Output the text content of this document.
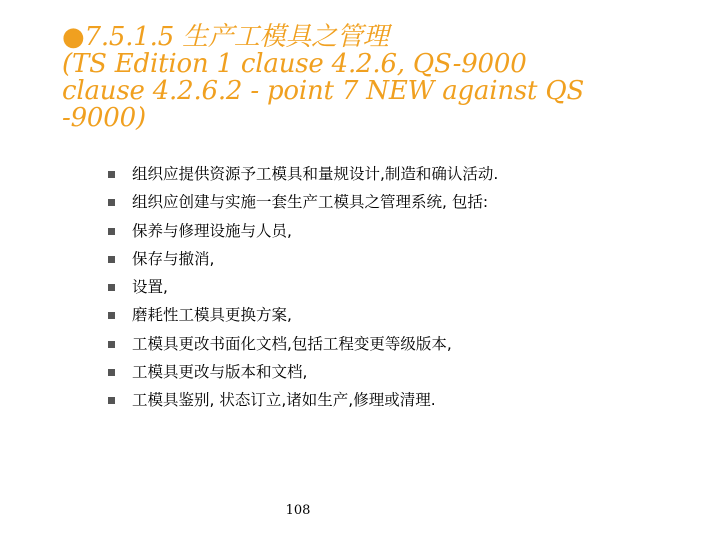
●7.5.1.5 生产工模具之管理
(TS Edition 1 clause 4.2.6, QS-9000
clause 4.2.6.2 - point 7 NEW against QS
-9000)
组织应提供资源予工模具和量规设计,制造和确认活动.
组织应创建与实施一套生产工模具之管理系统, 包括:
保养与修理设施与人员,
保存与撤消,
设置,
磨耗性工模具更换方案,
工模具更改书面化文档,包括工程变更等级版本,
工模具更改与版本和文档,
工模具鉴别, 状态订立,诸如生产,修理或清理.
108
